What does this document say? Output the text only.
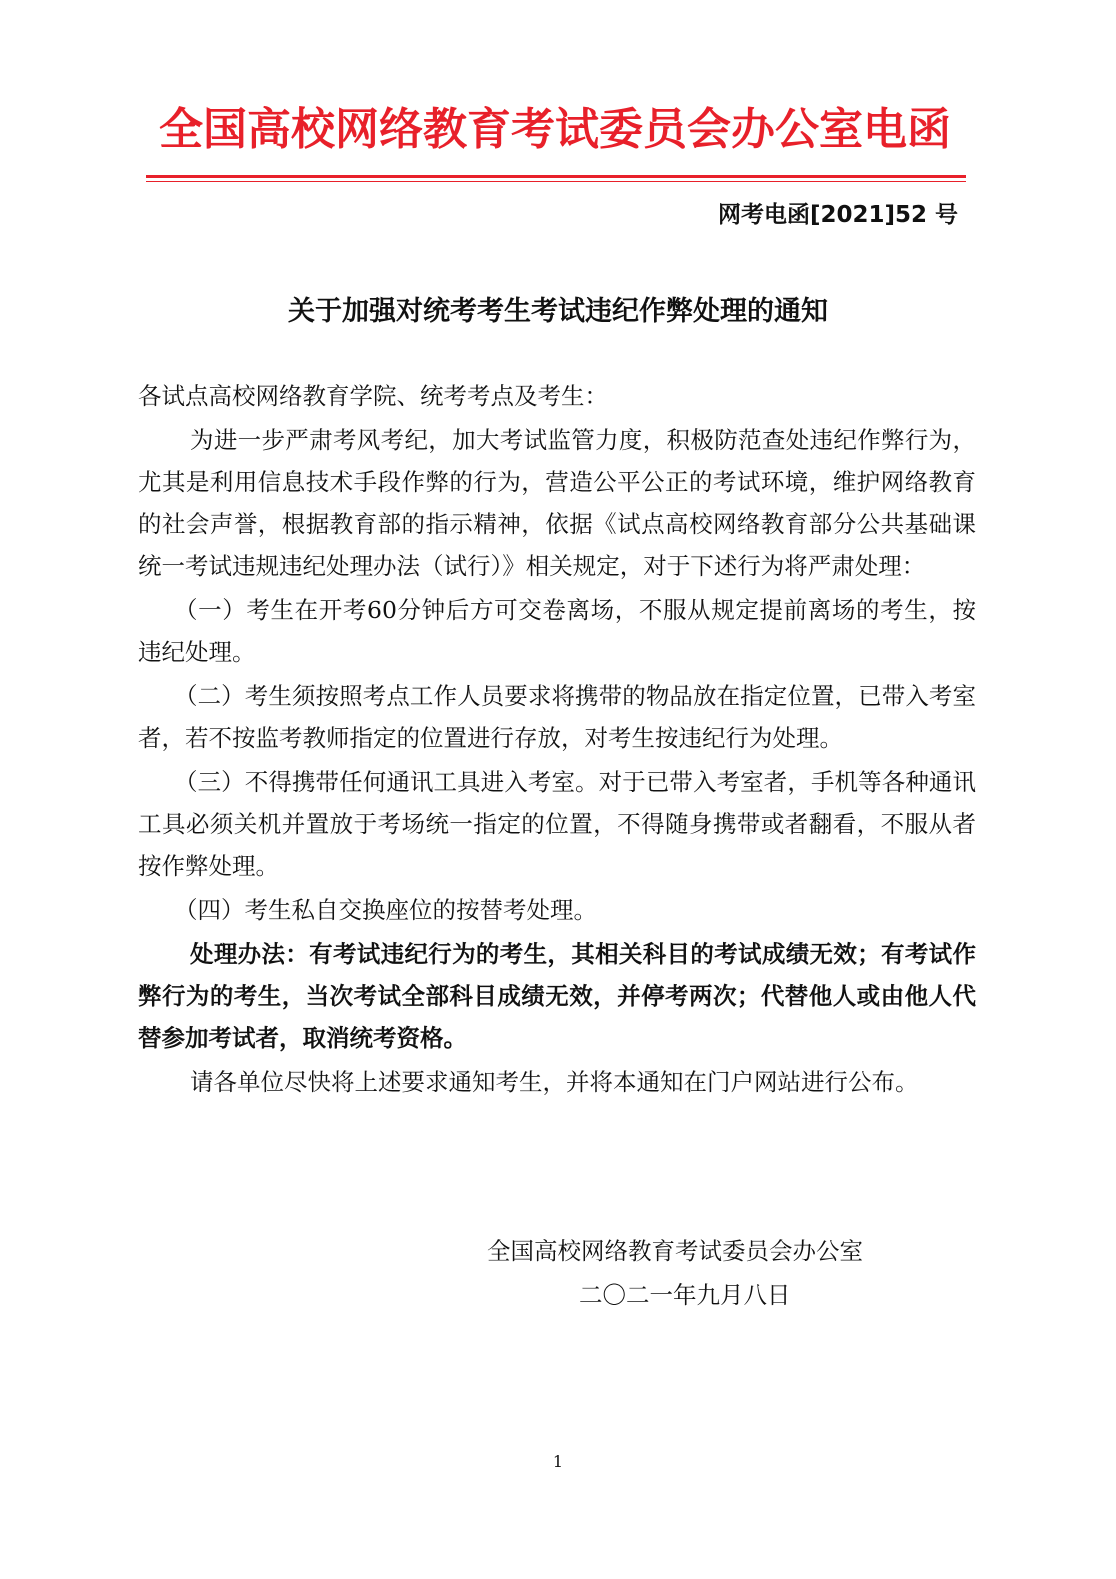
全国高校网络教育考试委员会办公室电函
网考电函[2021]52 号
关于加强对统考考生考试违纪作弊处理的通知

各试点高校网络教育学院、统考考点及考生：

为进一步严肃考风考纪，加大考试监管力度，积极防范查处违纪作弊行为，尤其是利用信息技术手段作弊的行为，营造公平公正的考试环境，维护网络教育的社会声誉，根据教育部的指示精神，依据《试点高校网络教育部分公共基础课统一考试违规违纪处理办法（试行）》相关规定，对于下述行为将严肃处理：

（一）考生在开考60分钟后方可交卷离场，不服从规定提前离场的考生，按违纪处理。

（二）考生须按照考点工作人员要求将携带的物品放在指定位置，已带入考室者，若不按监考教师指定的位置进行存放，对考生按违纪行为处理。

（三）不得携带任何通讯工具进入考室。对于已带入考室者，手机等各种通讯工具必须关机并置放于考场统一指定的位置，不得随身携带或者翻看，不服从者按作弊处理。

（四）考生私自交换座位的按替考处理。

处理办法：有考试违纪行为的考生，其相关科目的考试成绩无效；有考试作弊行为的考生，当次考试全部科目成绩无效，并停考两次；代替他人或由他人代替参加考试者，取消统考资格。

请各单位尽快将上述要求通知考生，并将本通知在门户网站进行公布。

全国高校网络教育考试委员会办公室
二〇二一年九月八日
1
